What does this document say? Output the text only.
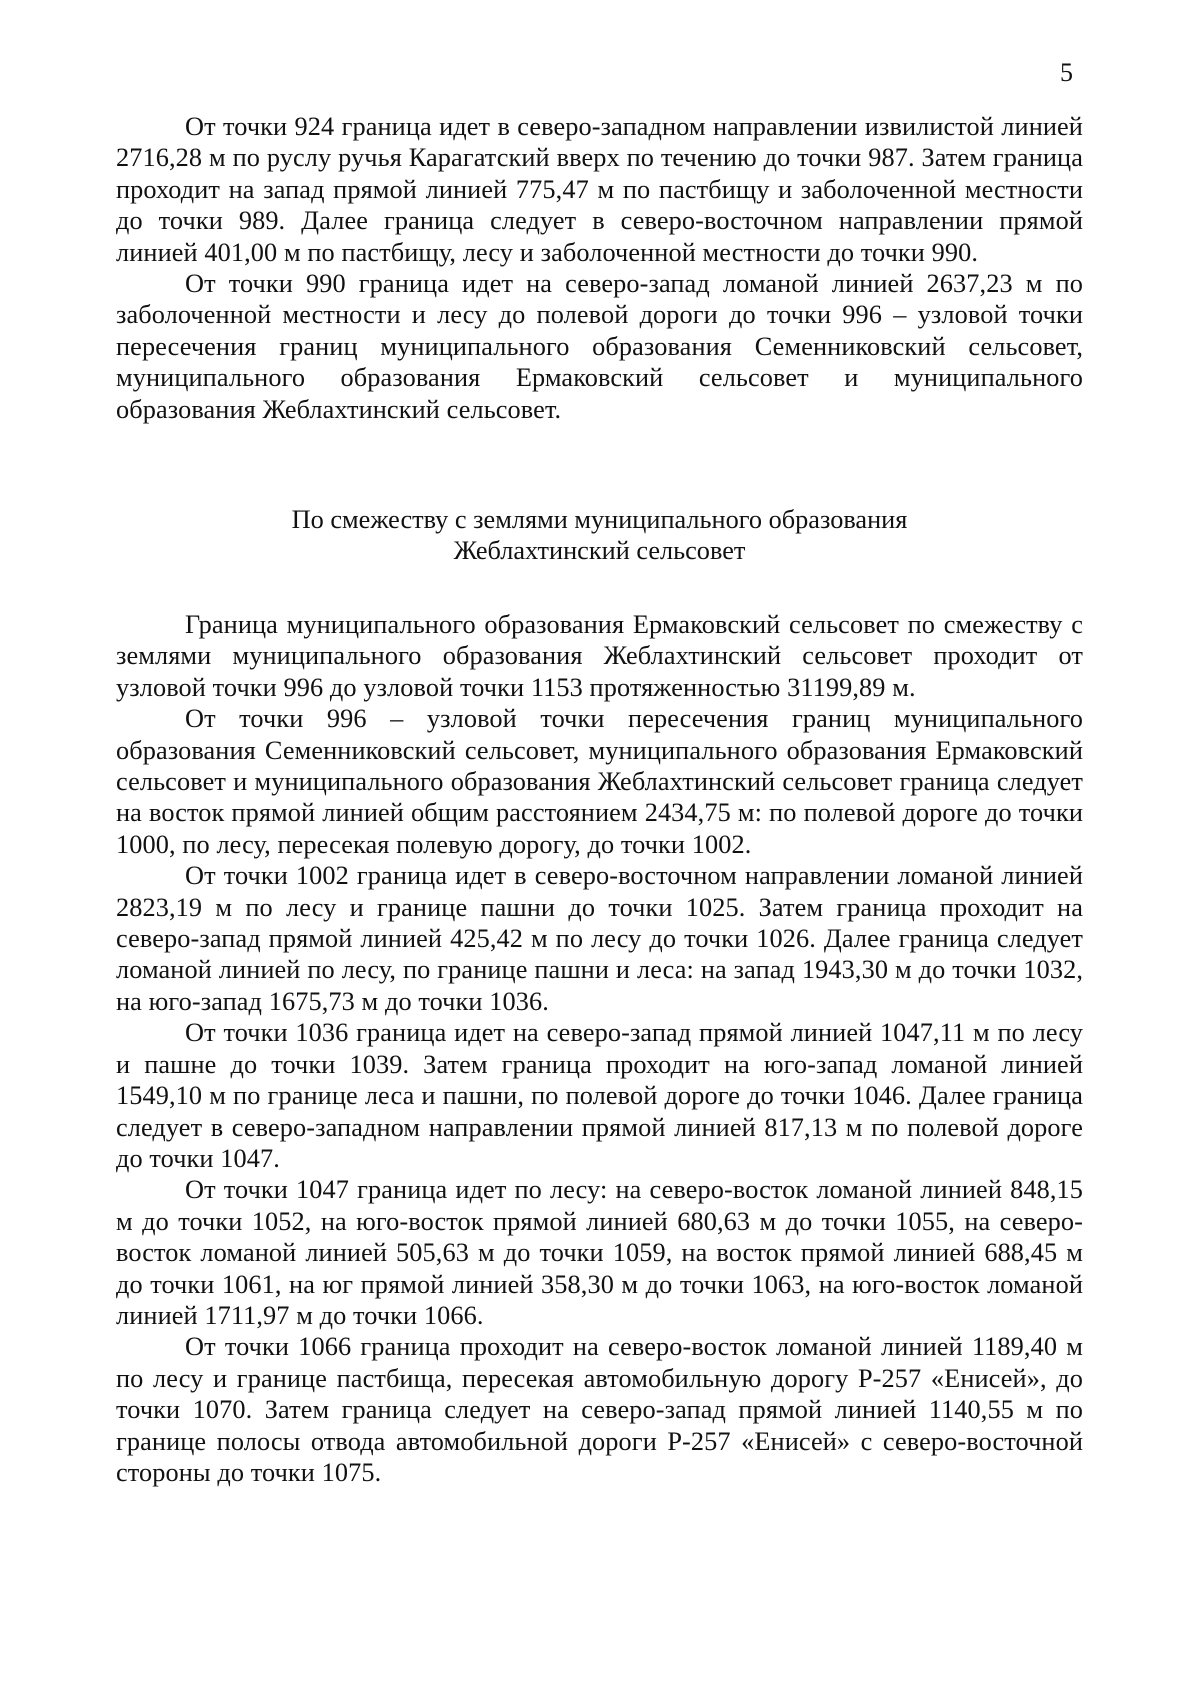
5

От точки 924 граница идет в северо-западном направлении извилистой линией 2716,28 м по руслу ручья Карагатский вверх по течению до точки 987. Затем граница проходит на запад прямой линией 775,47 м по пастбищу и заболоченной местности до точки 989. Далее граница следует в северо-восточном направлении прямой линией 401,00 м по пастбищу, лесу и заболоченной местности до точки 990.

От точки 990 граница идет на северо-запад ломаной линией 2637,23 м по заболоченной местности и лесу до полевой дороги до точки 996 – узловой точки пересечения границ муниципального образования Семенниковский сельсовет, муниципального образования Ермаковский сельсовет и муниципального образования Жеблахтинский сельсовет.

По смежеству с землями муниципального образования

Жеблахтинский сельсовет

Граница муниципального образования Ермаковский сельсовет по смежеству с землями муниципального образования Жеблахтинский сельсовет проходит от узловой точки 996 до узловой точки 1153 протяженностью 31199,89 м.

От точки 996 – узловой точки пересечения границ муниципального образования Семенниковский сельсовет, муниципального образования Ермаковский сельсовет и муниципального образования Жеблахтинский сельсовет граница следует на восток прямой линией общим расстоянием 2434,75 м: по полевой дороге до точки 1000, по лесу, пересекая полевую дорогу, до точки 1002.

От точки 1002 граница идет в северо-восточном направлении ломаной линией 2823,19 м по лесу и границе пашни до точки 1025. Затем граница проходит на северо-запад прямой линией 425,42 м по лесу до точки 1026. Далее граница следует ломаной линией по лесу, по границе пашни и леса: на запад 1943,30 м до точки 1032, на юго-запад 1675,73 м до точки 1036.

От точки 1036 граница идет на северо-запад прямой линией 1047,11 м по лесу и пашне до точки 1039. Затем граница проходит на юго-запад ломаной линией 1549,10 м по границе леса и пашни, по полевой дороге до точки 1046. Далее граница следует в северо-западном направлении прямой линией 817,13 м по полевой дороге до точки 1047.

От точки 1047 граница идет по лесу: на северо-восток ломаной линией 848,15 м до точки 1052, на юго-восток прямой линией 680,63 м до точки 1055, на северо-восток ломаной линией 505,63 м до точки 1059, на восток прямой линией 688,45 м до точки 1061, на юг прямой линией 358,30 м до точки 1063, на юго-восток ломаной линией 1711,97 м до точки 1066.

От точки 1066 граница проходит на северо-восток ломаной линией 1189,40 м по лесу и границе пастбища, пересекая автомобильную дорогу Р-257 «Енисей», до точки 1070. Затем граница следует на северо-запад прямой линией 1140,55 м по границе полосы отвода автомобильной дороги Р-257 «Енисей» с северо-восточной стороны до точки 1075.
